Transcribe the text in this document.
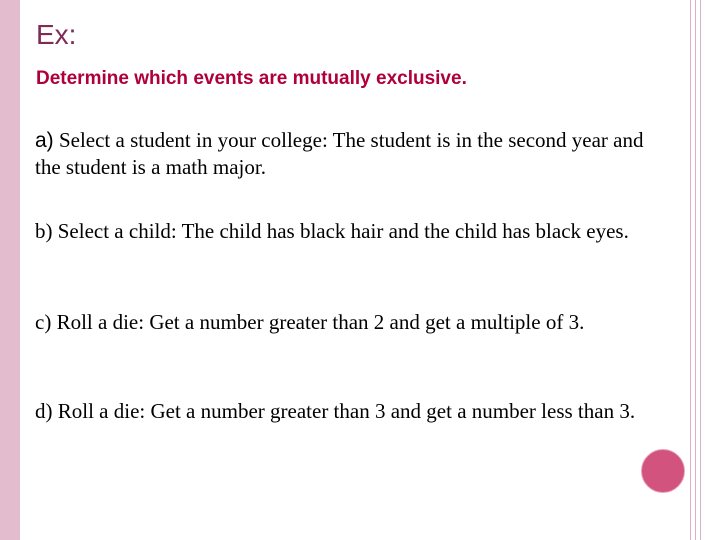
Ex:
Determine which events are mutually exclusive.
a) Select a student in your college: The student is in the second year and the student is a math major.
b) Select a child: The child has black hair and the child has black eyes.
c) Roll a die: Get a number greater than 2 and get a multiple of 3.
d) Roll a die: Get a number greater than 3 and get a number less than 3.
